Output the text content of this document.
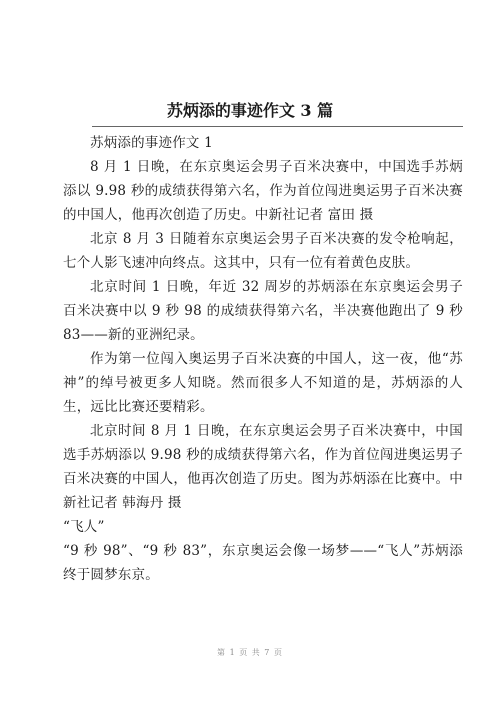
苏炳添的事迹作文 3 篇

苏炳添的事迹作文 1

8 月 1 日晚，在东京奥运会男子百米决赛中，中国选手苏炳添以 9.98 秒的成绩获得第六名，作为首位闯进奥运男子百米决赛的中国人，他再次创造了历史。中新社记者 富田 摄

北京 8 月 3 日随着东京奥运会男子百米决赛的发令枪响起，七个人影飞速冲向终点。这其中，只有一位有着黄色皮肤。

北京时间 1 日晚，年近 32 周岁的苏炳添在东京奥运会男子百米决赛中以 9 秒 98 的成绩获得第六名，半决赛他跑出了 9 秒 83——新的亚洲纪录。

作为第一位闯入奥运男子百米决赛的中国人，这一夜，他“苏神”的绰号被更多人知晓。然而很多人不知道的是，苏炳添的人生，远比比赛还要精彩。

北京时间 8 月 1 日晚，在东京奥运会男子百米决赛中，中国选手苏炳添以 9.98 秒的成绩获得第六名，作为首位闯进奥运男子百米决赛的中国人，他再次创造了历史。图为苏炳添在比赛中。中新社记者 韩海丹 摄

“飞人”

“9 秒 98”、“9 秒 83”，东京奥运会像一场梦——“飞人”苏炳添终于圆梦东京。

第 1 页 共 7 页
